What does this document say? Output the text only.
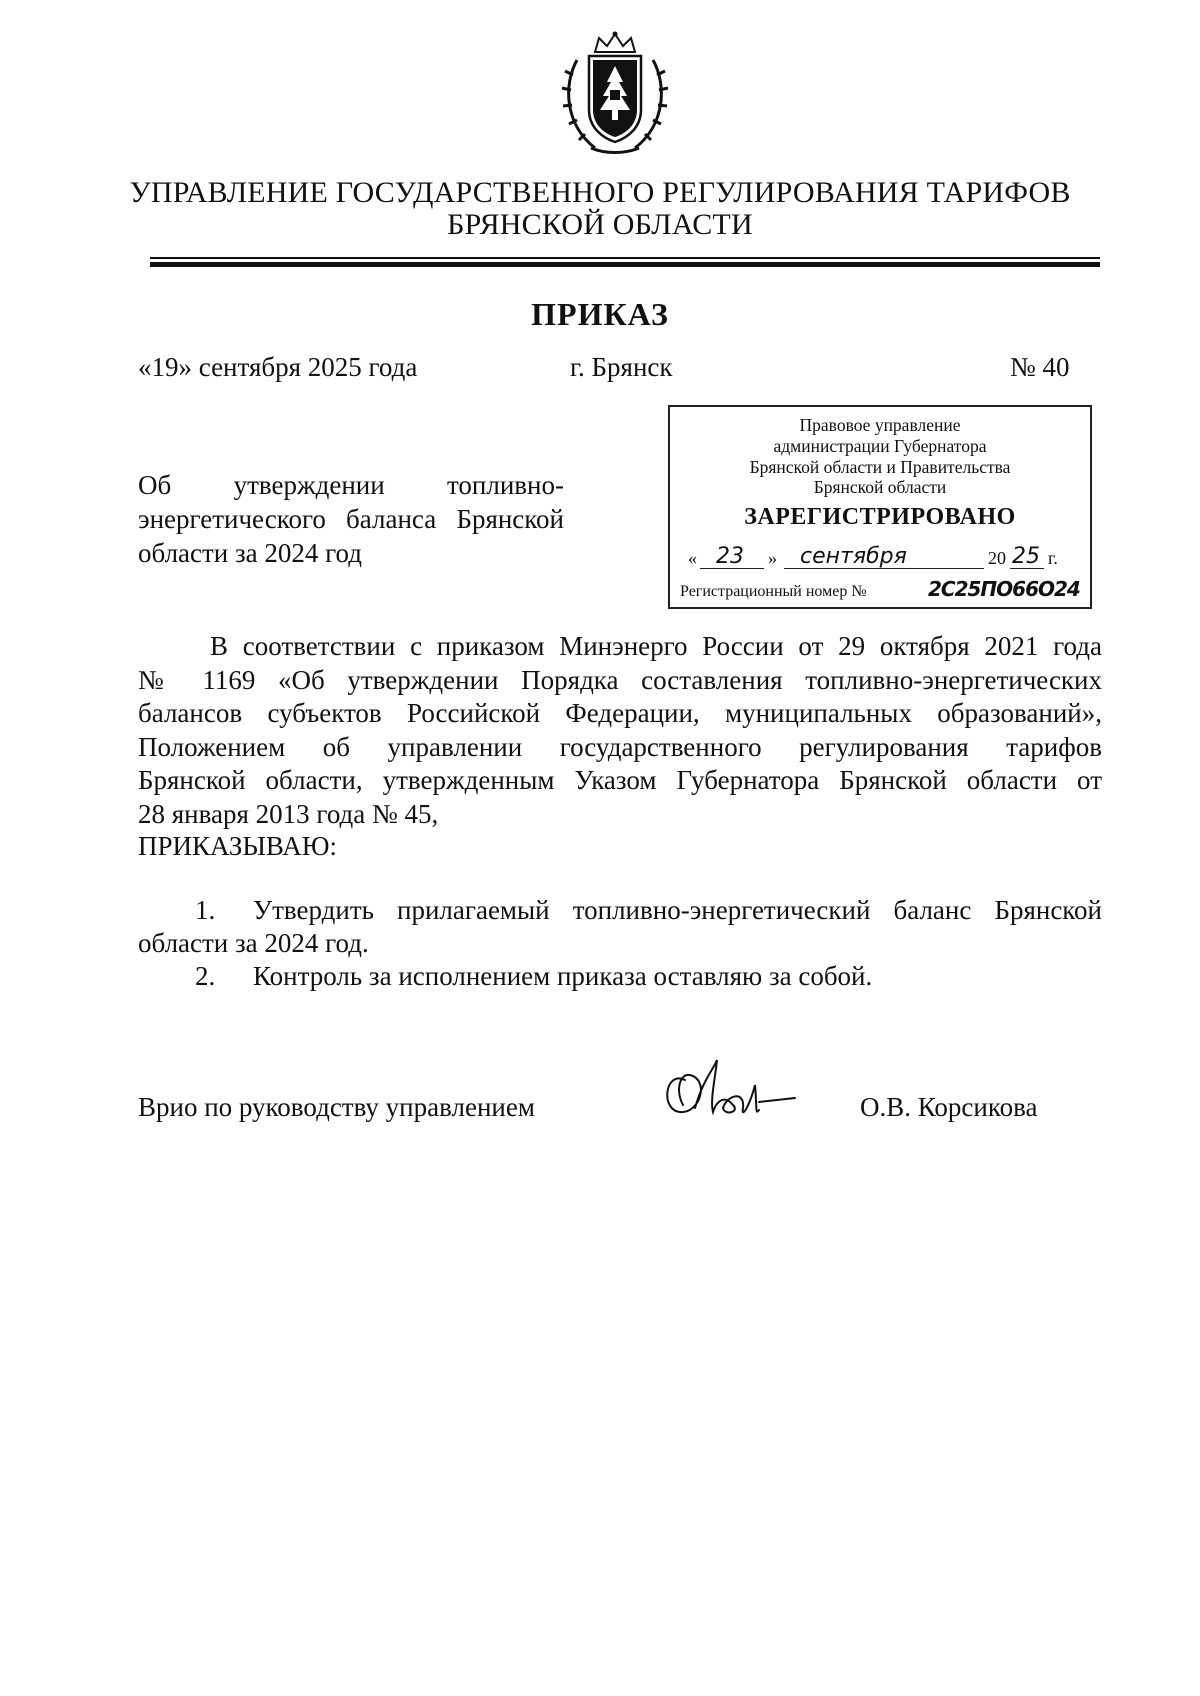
УПРАВЛЕНИЕ ГОСУДАРСТВЕННОГО РЕГУЛИРОВАНИЯ ТАРИФОВ
БРЯНСКОЙ ОБЛАСТИ
ПРИКАЗ
«19» сентября 2025 года	г. Брянск	№ 40
Об утверждении топливно-
энергетического баланса Брянской
области за 2024 год
Правовое управление
администрации Губернатора
Брянской области и Правительства
Брянской области
ЗАРЕГИСТРИРОВАНО
« 23 » сентября	20 25 г.
Регистрационный номер №	2С25ПО66О24
В соответствии с приказом Минэнерго России от 29 октября 2021 года
№ 1169 «Об утверждении Порядка составления топливно-энергетических
балансов субъектов Российской Федерации, муниципальных образований»,
Положением об управлении государственного регулирования тарифов
Брянской области, утвержденным Указом Губернатора Брянской области от
28 января 2013 года № 45,
ПРИКАЗЫВАЮ:
1. Утвердить прилагаемый топливно-энергетический баланс Брянской
области за 2024 год.
2. Контроль за исполнением приказа оставляю за собой.
Врио по руководству управлением	О.В. Корсикова
